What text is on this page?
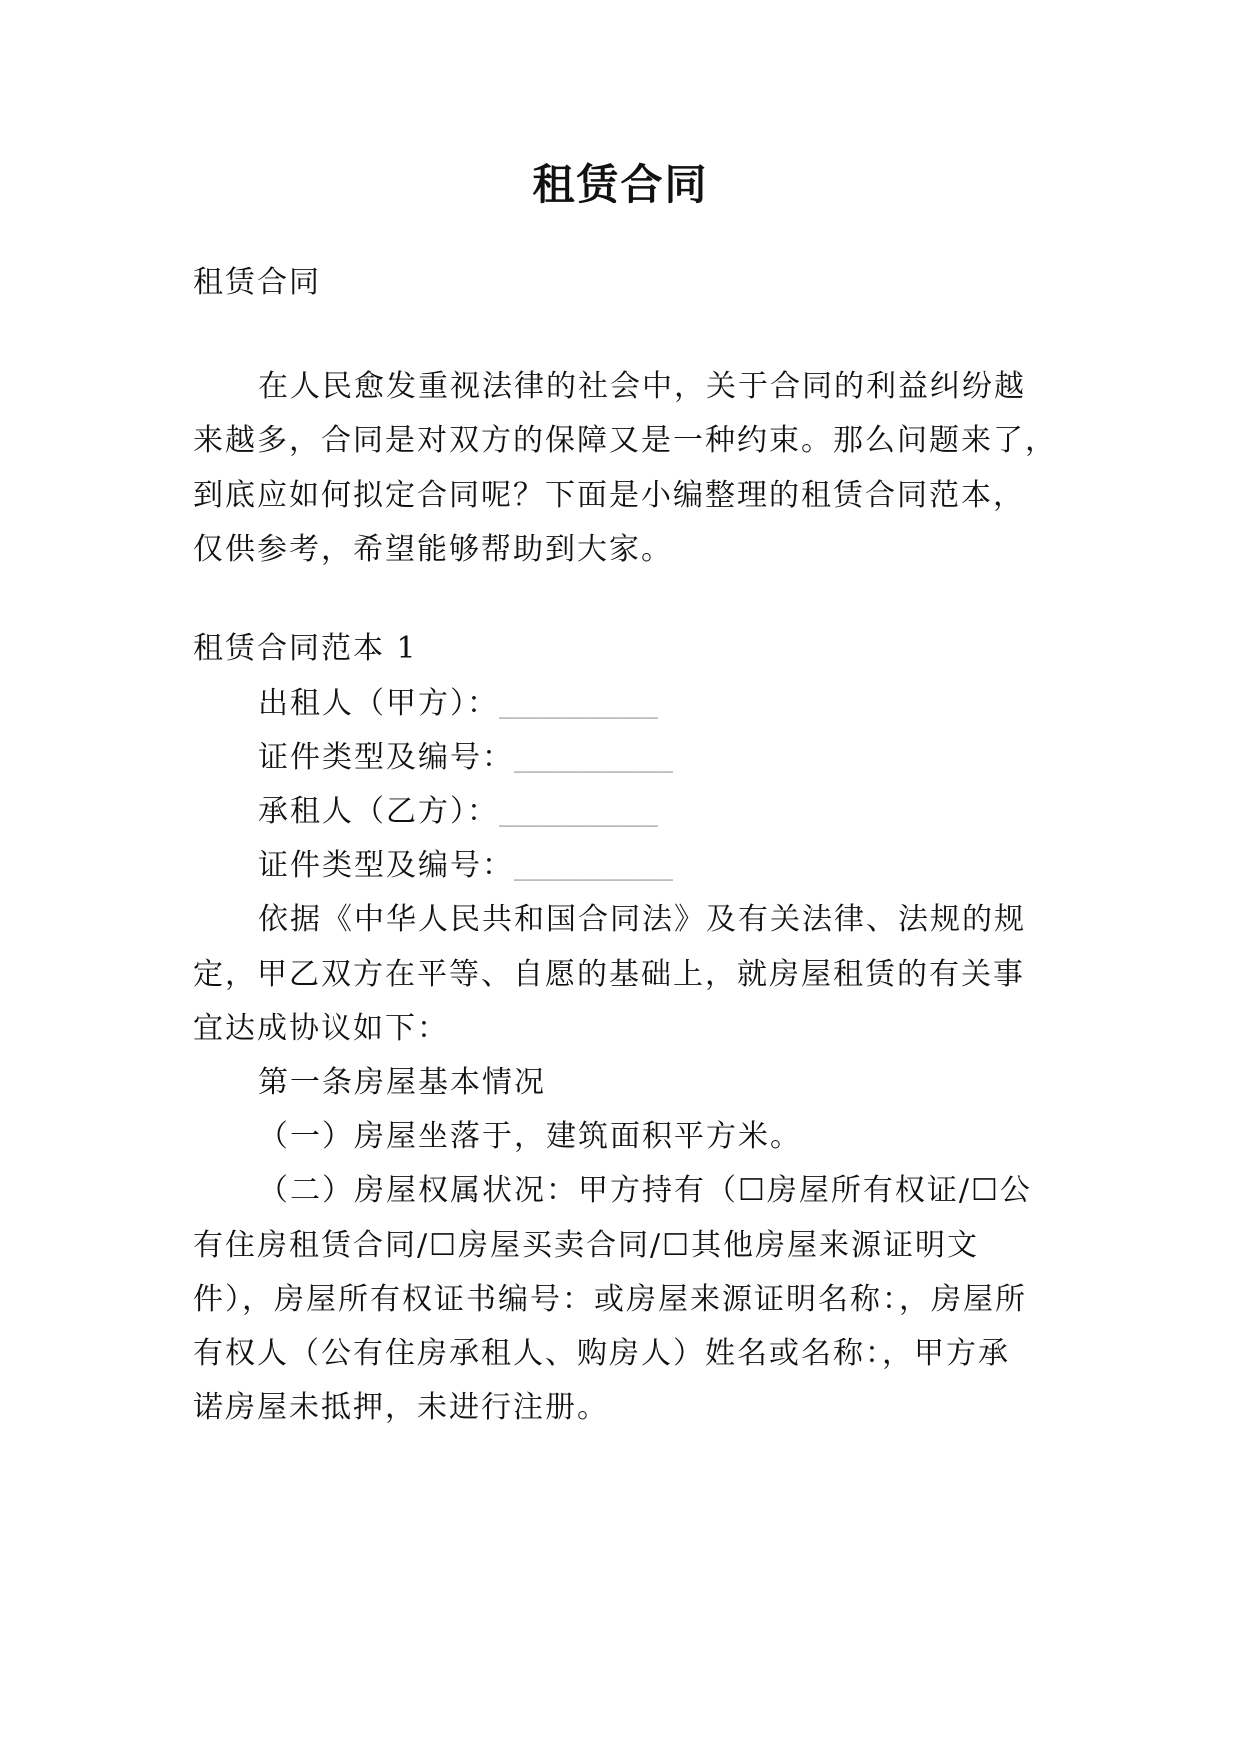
租赁合同
租赁合同
在人民愈发重视法律的社会中，关于合同的利益纠纷越
来越多，合同是对双方的保障又是一种约束。那么问题来了，
到底应如何拟定合同呢？下面是小编整理的租赁合同范本，
仅供参考，希望能够帮助到大家。
租赁合同范本 1
出租人（甲方）：____________
证件类型及编号：____________
承租人（乙方）：____________
证件类型及编号：____________
依据《中华人民共和国合同法》及有关法律、法规的规
定，甲乙双方在平等、自愿的基础上，就房屋租赁的有关事
宜达成协议如下：
第一条房屋基本情况
（一）房屋坐落于，建筑面积平方米。
（二）房屋权属状况：甲方持有（☐房屋所有权证/☐公
有住房租赁合同/☐房屋买卖合同/☐其他房屋来源证明文
件），房屋所有权证书编号：或房屋来源证明名称：，房屋所
有权人（公有住房承租人、购房人）姓名或名称：，甲方承
诺房屋未抵押，未进行注册。
